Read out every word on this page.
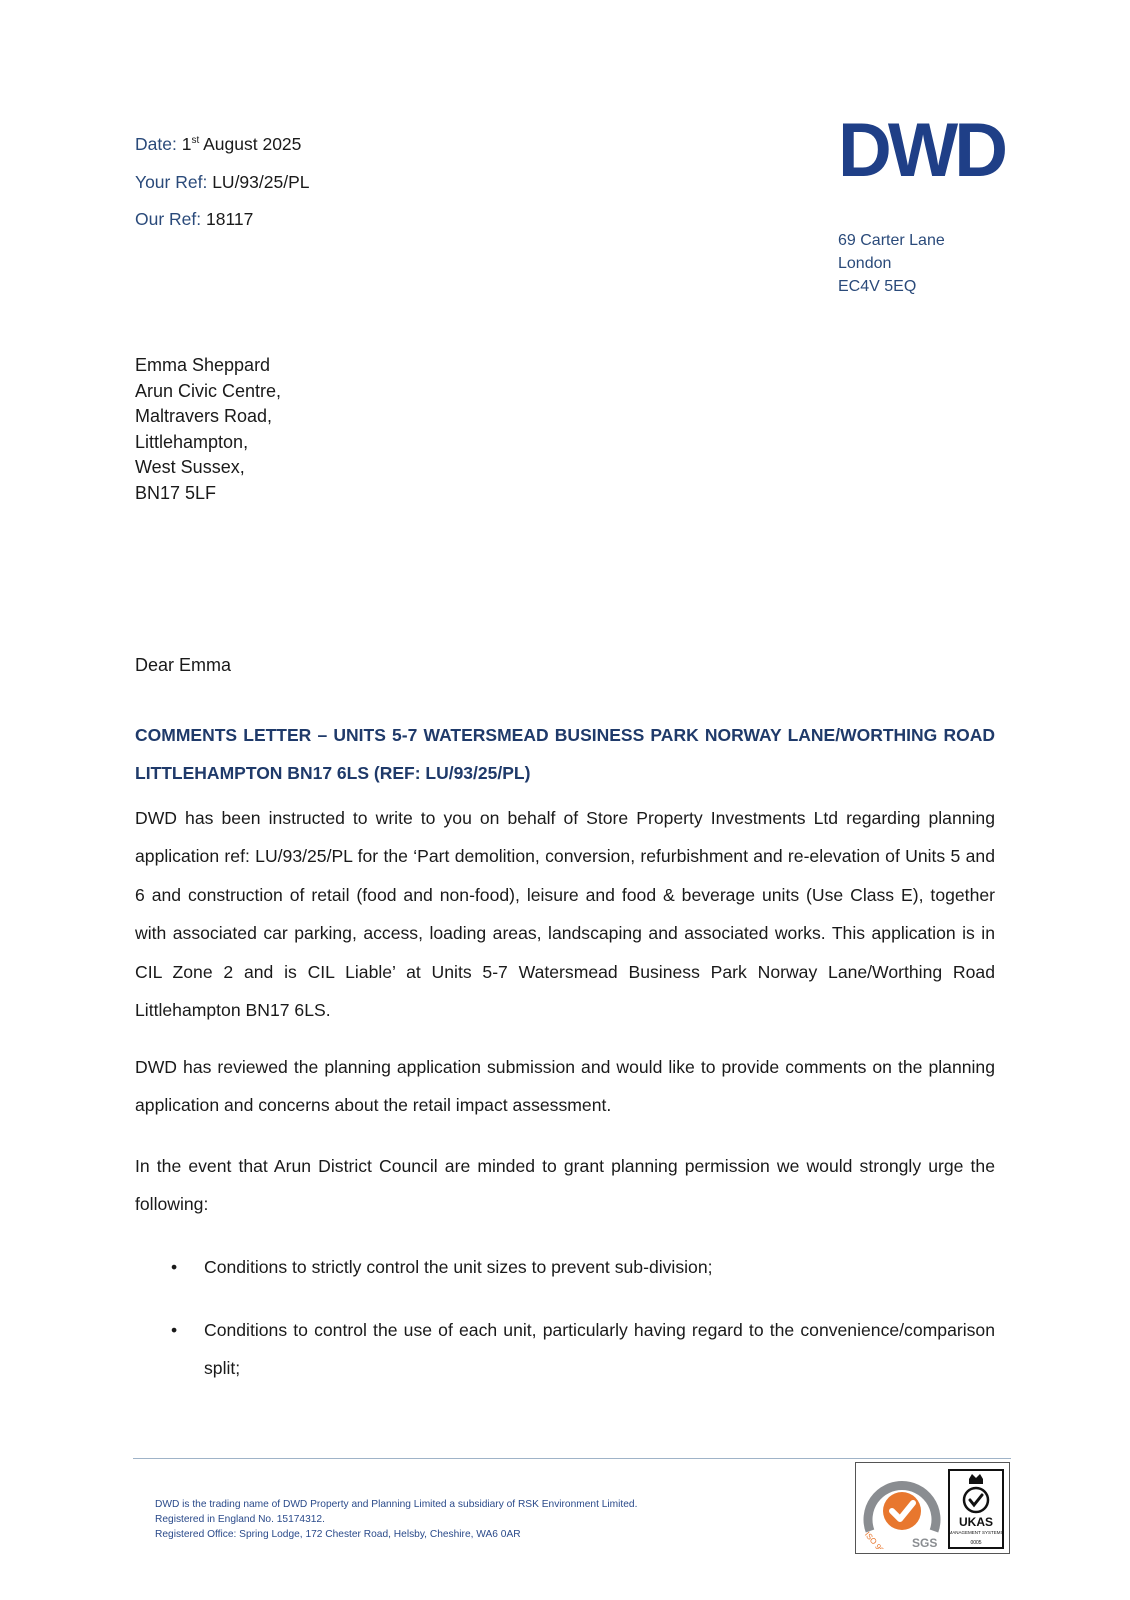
Date: 1st August 2025
Your Ref: LU/93/25/PL
Our Ref: 18117
DWD
69 Carter Lane
London
EC4V 5EQ
Emma Sheppard
Arun Civic Centre,
Maltravers Road,
Littlehampton,
West Sussex,
BN17 5LF
Dear Emma
COMMENTS LETTER – UNITS 5-7 WATERSMEAD BUSINESS PARK NORWAY LANE/WORTHING ROAD LITTLEHAMPTON BN17 6LS (REF: LU/93/25/PL)
DWD has been instructed to write to you on behalf of Store Property Investments Ltd regarding planning application ref: LU/93/25/PL for the ‘Part demolition, conversion, refurbishment and re-elevation of Units 5 and 6 and construction of retail (food and non-food), leisure and food & beverage units (Use Class E), together with associated car parking, access, loading areas, landscaping and associated works. This application is in CIL Zone 2 and is CIL Liable’ at Units 5-7 Watersmead Business Park Norway Lane/Worthing Road Littlehampton BN17 6LS.
DWD has reviewed the planning application submission and would like to provide comments on the planning application and concerns about the retail impact assessment.
In the event that Arun District Council are minded to grant planning permission we would strongly urge the following:
• Conditions to strictly control the unit sizes to prevent sub-division;
• Conditions to control the use of each unit, particularly having regard to the convenience/comparison split;
DWD is the trading name of DWD Property and Planning Limited a subsidiary of RSK Environment Limited.
Registered in England No. 15174312.
Registered Office: Spring Lodge, 172 Chester Road, Helsby, Cheshire, WA6 0AR	ISO 9001 SGS
UKAS
MANAGEMENT SYSTEMS
0005
